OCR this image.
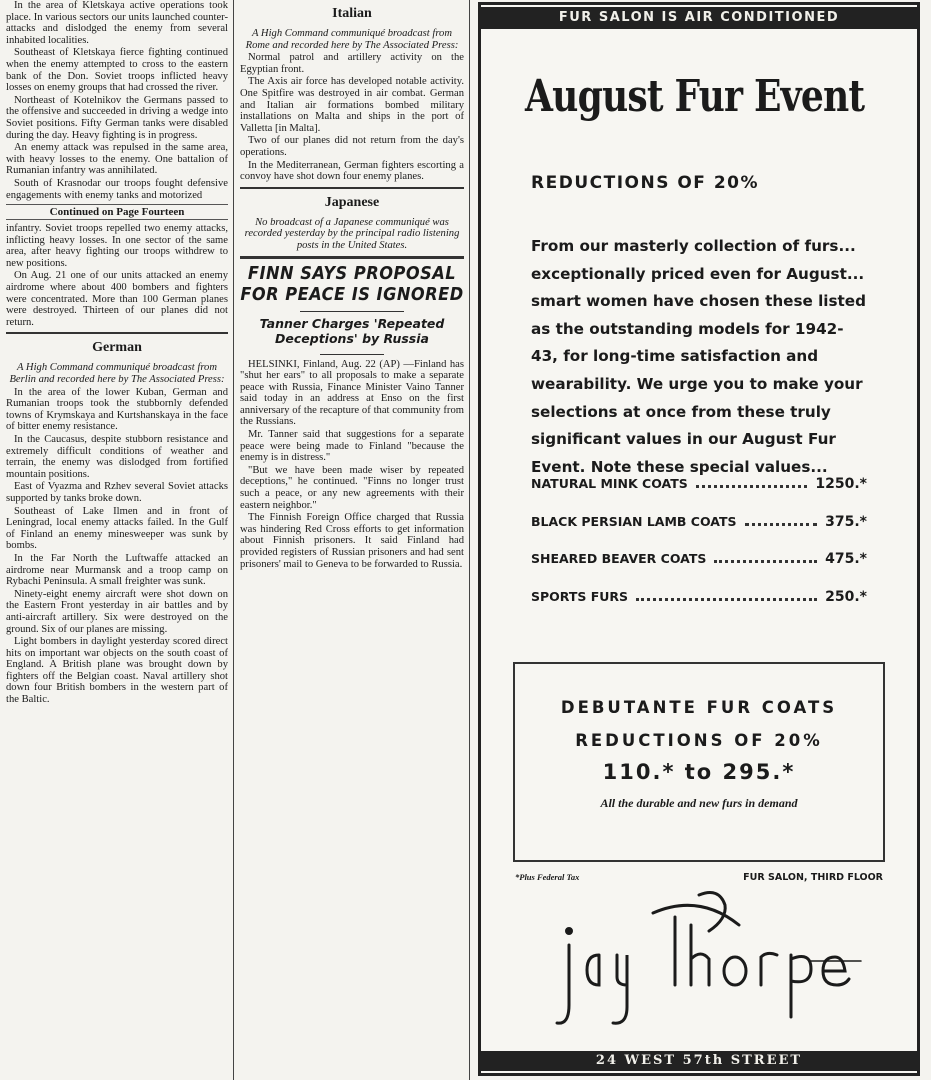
In the area of Kletskaya active operations took place. In various sectors our units launched counter-attacks and dislodged the enemy from several inhabited localities.

Southeast of Kletskaya fierce fighting continued when the enemy attempted to cross to the eastern bank of the Don. Soviet troops inflicted heavy losses on enemy groups that had crossed the river.

Northeast of Kotelnikov the Germans passed to the offensive and succeeded in driving a wedge into Soviet positions. Fifty German tanks were disabled during the day. Heavy fighting is in progress.

An enemy attack was repulsed in the same area, with heavy losses to the enemy. One battalion of Rumanian infantry was annihilated.

South of Krasnodar our troops fought defensive engagements with enemy tanks and motorized

Continued on Page Fourteen

infantry. Soviet troops repelled two enemy attacks, inflicting heavy losses. In one sector of the same area, after heavy fighting our troops withdrew to new positions.

On Aug. 21 one of our units attacked an enemy airdrome where about 400 bombers and fighters were concentrated. More than 100 German planes were destroyed. Thirteen of our planes did not return.

German

A High Command communiqué broadcast from Berlin and recorded here by The Associated Press:

In the area of the lower Kuban, German and Rumanian troops took the stubbornly defended towns of Krymskaya and Kurtshanskaya in the face of bitter enemy resistance.

In the Caucasus, despite stubborn resistance and extremely difficult conditions of weather and terrain, the enemy was dislodged from fortified mountain positions.

East of Vyazma and Rzhev several Soviet attacks supported by tanks broke down.

Southeast of Lake Ilmen and in front of Leningrad, local enemy attacks failed. In the Gulf of Finland an enemy minesweeper was sunk by bombs.

In the Far North the Luftwaffe attacked an airdrome near Murmansk and a troop camp on Rybachi Peninsula. A small freighter was sunk.

Ninety-eight enemy aircraft were shot down on the Eastern Front yesterday in air battles and by anti-aircraft artillery. Six were destroyed on the ground. Six of our planes are missing.

Light bombers in daylight yesterday scored direct hits on important war objects on the south coast of England. A British plane was brought down by fighters off the Belgian coast. Naval artillery shot down four British bombers in the western part of the Baltic.

Italian

A High Command communiqué broadcast from Rome and recorded here by The Associated Press:

Normal patrol and artillery activity on the Egyptian front.

The Axis air force has developed notable activity. One Spitfire was destroyed in air combat. German and Italian air formations bombed military installations on Malta and ships in the port of Valletta [in Malta].

Two of our planes did not return from the day's operations.

In the Mediterranean, German fighters escorting a convoy have shot down four enemy planes.

Japanese

No broadcast of a Japanese communiqué was recorded yesterday by the principal radio listening posts in the United States.

FINN SAYS PROPOSAL FOR PEACE IS IGNORED
Tanner Charges 'Repeated Deceptions' by Russia

HELSINKI, Finland, Aug. 22 (AP) —Finland has "shut her ears" to all proposals to make a separate peace with Russia, Finance Minister Vaino Tanner said today in an address at Enso on the first anniversary of the recapture of that community from the Russians.

Mr. Tanner said that suggestions for a separate peace were being made to Finland "because the enemy is in distress."

"But we have been made wiser by repeated deceptions," he continued. "Finns no longer trust such a peace, or any new agreements with their eastern neighbor."

The Finnish Foreign Office charged that Russia was hindering Red Cross efforts to get information about Finnish prisoners. It said Finland had provided registers of Russian prisoners and had sent prisoners' mail to Geneva to be forwarded to Russia.

FUR SALON IS AIR CONDITIONED
August Fur Event
REDUCTIONS OF 20%
From our masterly collection of furs... exceptionally priced even for August... smart women have chosen these listed as the outstanding models for 1942-43, for long-time satisfaction and wearability. We urge you to make your selections at once from these truly significant values in our August Fur Event. Note these special values...
NATURAL MINK COATS	1250.*
BLACK PERSIAN LAMB COATS	375.*
SHEARED BEAVER COATS	475.*
SPORTS FURS	250.*
DEBUTANTE FUR COATS
REDUCTIONS OF 20%
110.* to 295.*
All the durable and new furs in demand
*Plus Federal Tax	FUR SALON, THIRD FLOOR
jay thorpe
24 WEST 57th STREET
